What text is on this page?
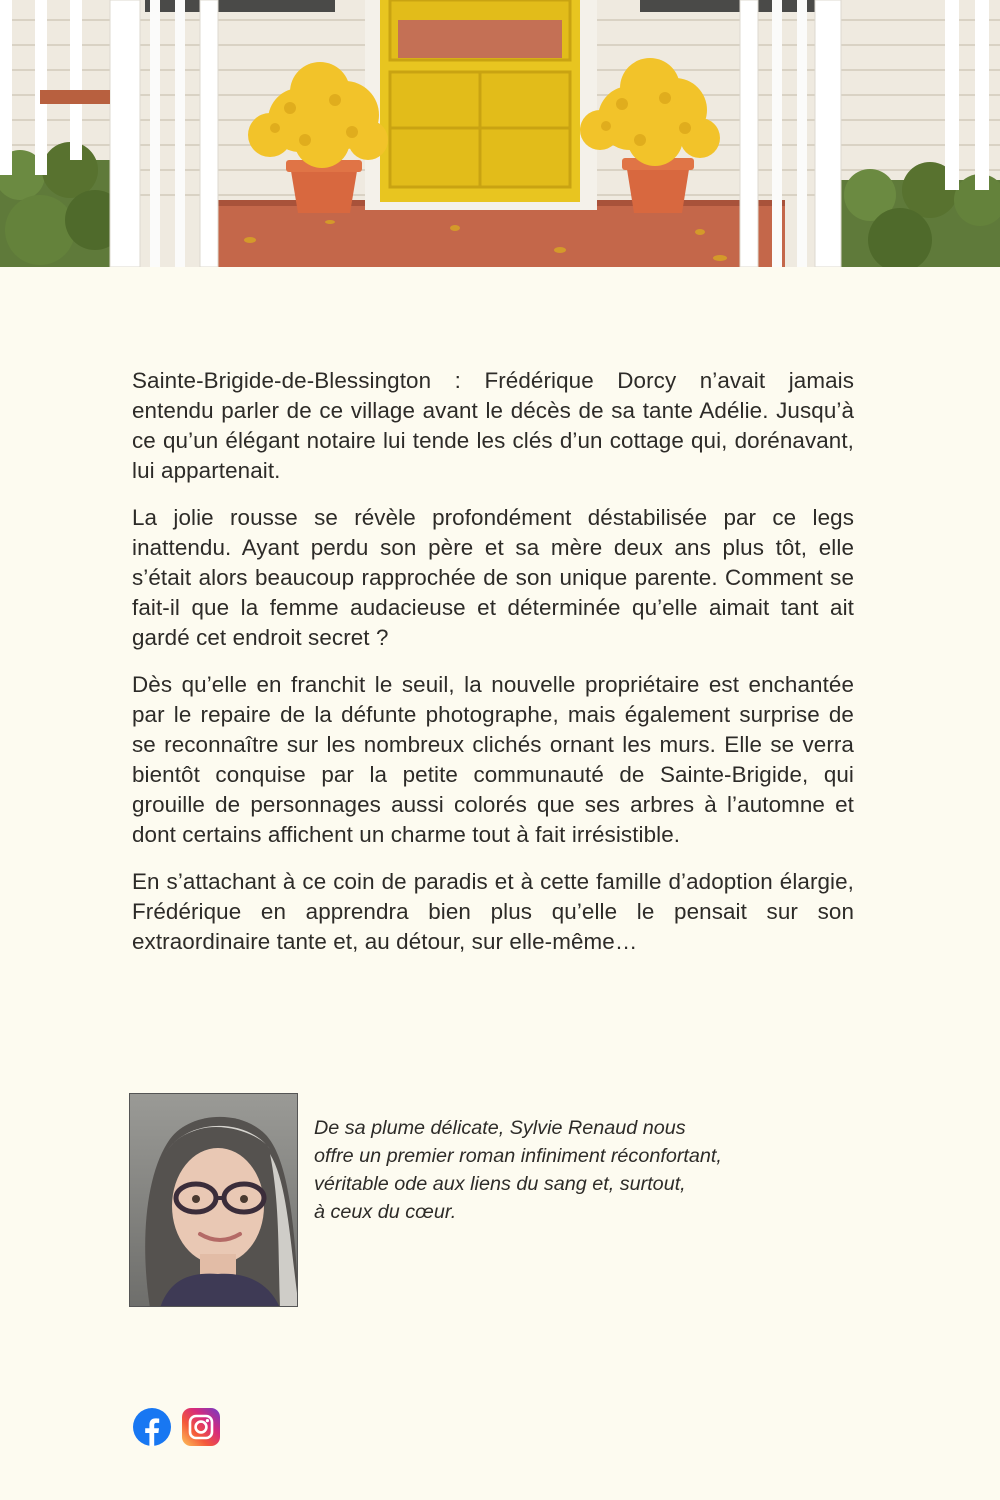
Sainte-Brigide-de-Blessington : Frédérique Dorcy n’avait jamais entendu parler de ce village avant le décès de sa tante Adélie. Jusqu’à ce qu’un élégant notaire lui tende les clés d’un cottage qui, dorénavant, lui appartenait.

La jolie rousse se révèle profondément déstabilisée par ce legs inattendu. Ayant perdu son père et sa mère deux ans plus tôt, elle s’était alors beaucoup rapprochée de son unique parente. Comment se fait-il que la femme audacieuse et déterminée qu’elle aimait tant ait gardé cet endroit secret ?

Dès qu’elle en franchit le seuil, la nouvelle propriétaire est enchantée par le repaire de la défunte photographe, mais également surprise de se reconnaître sur les nombreux clichés ornant les murs. Elle se verra bientôt conquise par la petite communauté de Sainte-Brigide, qui grouille de personnages aussi colorés que ses arbres à l’automne et dont certains affichent un charme tout à fait irrésistible.

En s’attachant à ce coin de paradis et à cette famille d’adoption élargie, Frédérique en apprendra bien plus qu’elle le pensait sur son extraordinaire tante et, au détour, sur elle-même…

De sa plume délicate, Sylvie Renaud nous
offre un premier roman infiniment réconfortant,
véritable ode aux liens du sang et, surtout,
à ceux du cœur.
